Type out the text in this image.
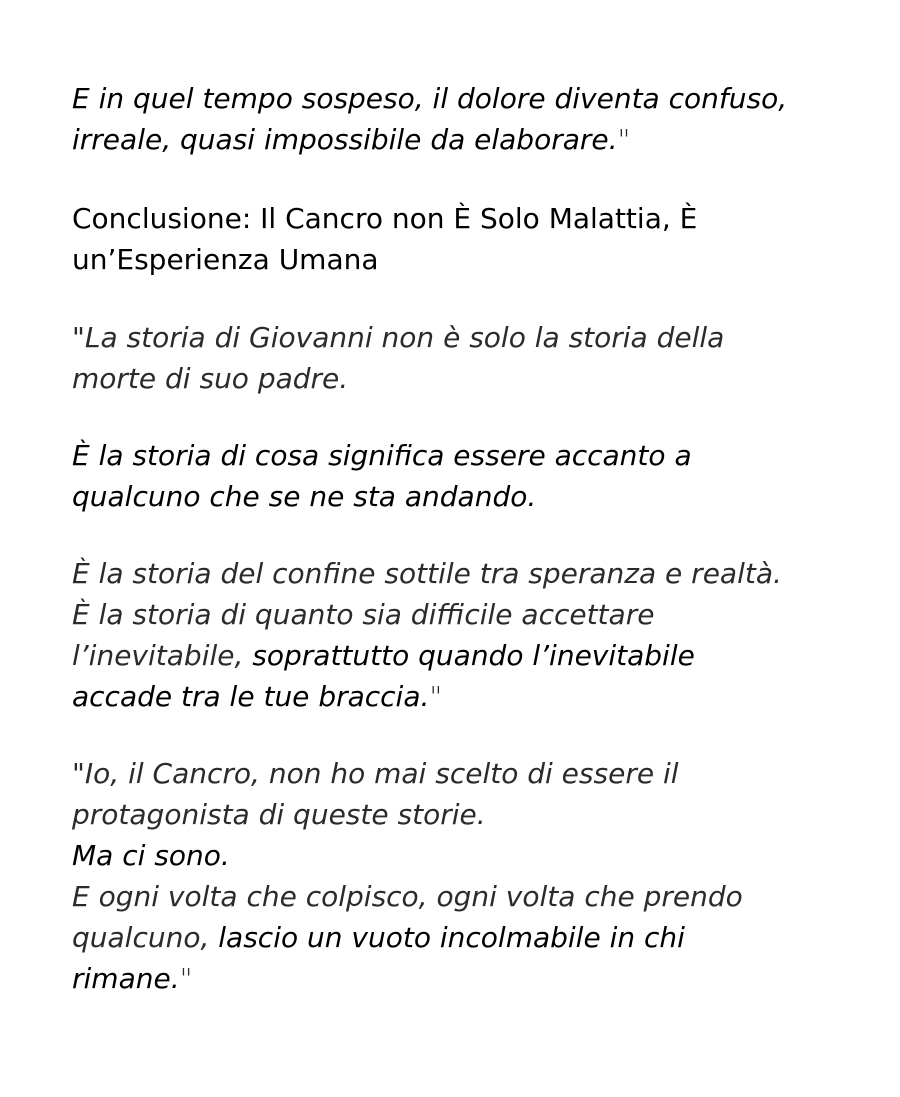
E in quel tempo sospeso, il dolore diventa confuso,
irreale, quasi impossibile da elaborare."

Conclusione: Il Cancro non È Solo Malattia, È
un’Esperienza Umana

"La storia di Giovanni non è solo la storia della
morte di suo padre.

È la storia di cosa significa essere accanto a
qualcuno che se ne sta andando.

È la storia del confine sottile tra speranza e realtà.
È la storia di quanto sia difficile accettare
l’inevitabile, soprattutto quando l’inevitabile
accade tra le tue braccia."

"Io, il Cancro, non ho mai scelto di essere il
protagonista di queste storie.
Ma ci sono.
E ogni volta che colpisco, ogni volta che prendo
qualcuno, lascio un vuoto incolmabile in chi
rimane."
